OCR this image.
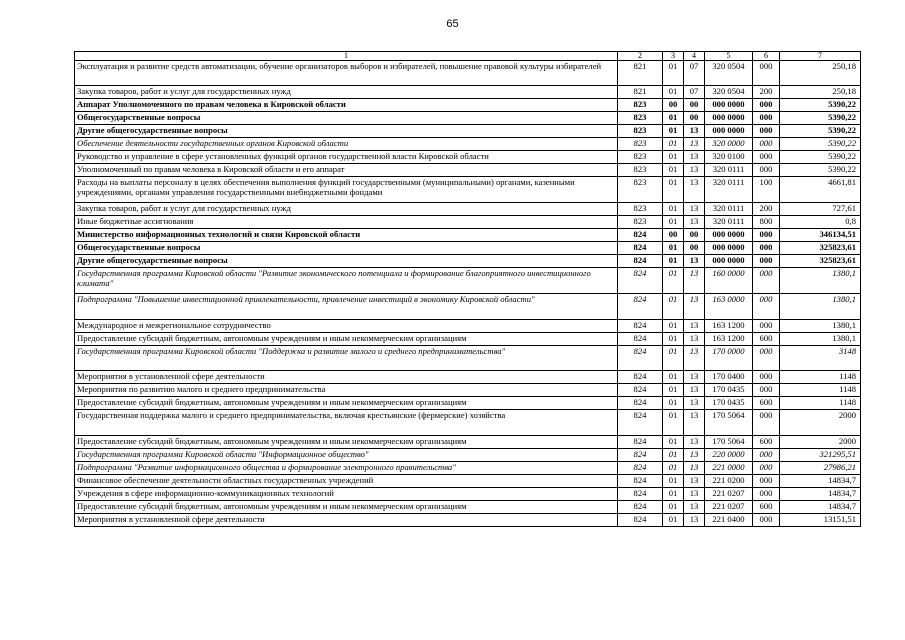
65
1	2	3	4	5	6	7
Эксплуатация и развитие средств автоматизации, обучение организаторов выборов и избирателей, повышение правовой культуры избирателей	821	01	07	320 0504	000	250,18
Закупка товаров, работ и услуг для государственных нужд	821	01	07	320 0504	200	250,18
Аппарат Уполномоченного по правам человека в Кировской области	823	00	00	000 0000	000	5390,22
Общегосударственные вопросы	823	01	00	000 0000	000	5390,22
Другие общегосударственные вопросы	823	01	13	000 0000	000	5390,22
Обеспечение деятельности государственных органов Кировской области	823	01	13	320 0000	000	5390,22
Руководство и управление в сфере установленных функций органов государственной власти Кировской области	823	01	13	320 0100	000	5390,22
Уполномоченный по правам человека в Кировской области и его аппарат	823	01	13	320 0111	000	5390,22
Расходы на выплаты персоналу в целях обеспечения выполнения функций государственными (муниципальными) органами, казенными учреждениями, органами управления государственными внебюджетными фондами	823	01	13	320 0111	100	4661,81
Закупка товаров, работ и услуг для государственных нужд	823	01	13	320 0111	200	727,61
Иные бюджетные ассигнования	823	01	13	320 0111	800	0,8
Министерство информационных технологий и связи Кировской области	824	00	00	000 0000	000	346134,51
Общегосударственные вопросы	824	01	00	000 0000	000	325823,61
Другие общегосударственные вопросы	824	01	13	000 0000	000	325823,61
Государственная программа Кировской области "Развитие экономического потенциала и формирование благоприятного инвестиционного климата"	824	01	13	160 0000	000	1380,1
Подпрограмма "Повышение инвестиционной привлекательности, привлечение инвестиций в экономику Кировской области"	824	01	13	163 0000	000	1380,1
Международное и межрегиональное сотрудничество	824	01	13	163 1200	000	1380,1
Предоставление субсидий бюджетным, автономным учреждениям и иным некоммерческим организациям	824	01	13	163 1200	600	1380,1
Государственная программа Кировской области "Поддержка и развитие малого и среднего предпринимательства"	824	01	13	170 0000	000	3148
Мероприятия в установленной сфере деятельности	824	01	13	170 0400	000	1148
Мероприятия по развитию малого и среднего предпринимательства	824	01	13	170 0435	000	1148
Предоставление субсидий бюджетным, автономным учреждениям и иным некоммерческим организациям	824	01	13	170 0435	600	1148
Государственная поддержка малого и среднего предпринимательства, включая крестьянские (фермерские) хозяйства	824	01	13	170 5064	000	2000
Предоставление субсидий бюджетным, автономным учреждениям и иным некоммерческим организациям	824	01	13	170 5064	600	2000
Государственная программа Кировской области "Информационное общество"	824	01	13	220 0000	000	321295,51
Подпрограмма "Развитие информационного общества и формирование электронного правительства"	824	01	13	221 0000	000	27986,21
Финансовое обеспечение деятельности областных государственных учреждений	824	01	13	221 0200	000	14834,7
Учреждения в сфере информационно-коммуникационных технологий	824	01	13	221 0207	000	14834,7
Предоставление субсидий бюджетным, автономным учреждениям и иным некоммерческим организациям	824	01	13	221 0207	600	14834,7
Мероприятия в установленной сфере деятельности	824	01	13	221 0400	000	13151,51
